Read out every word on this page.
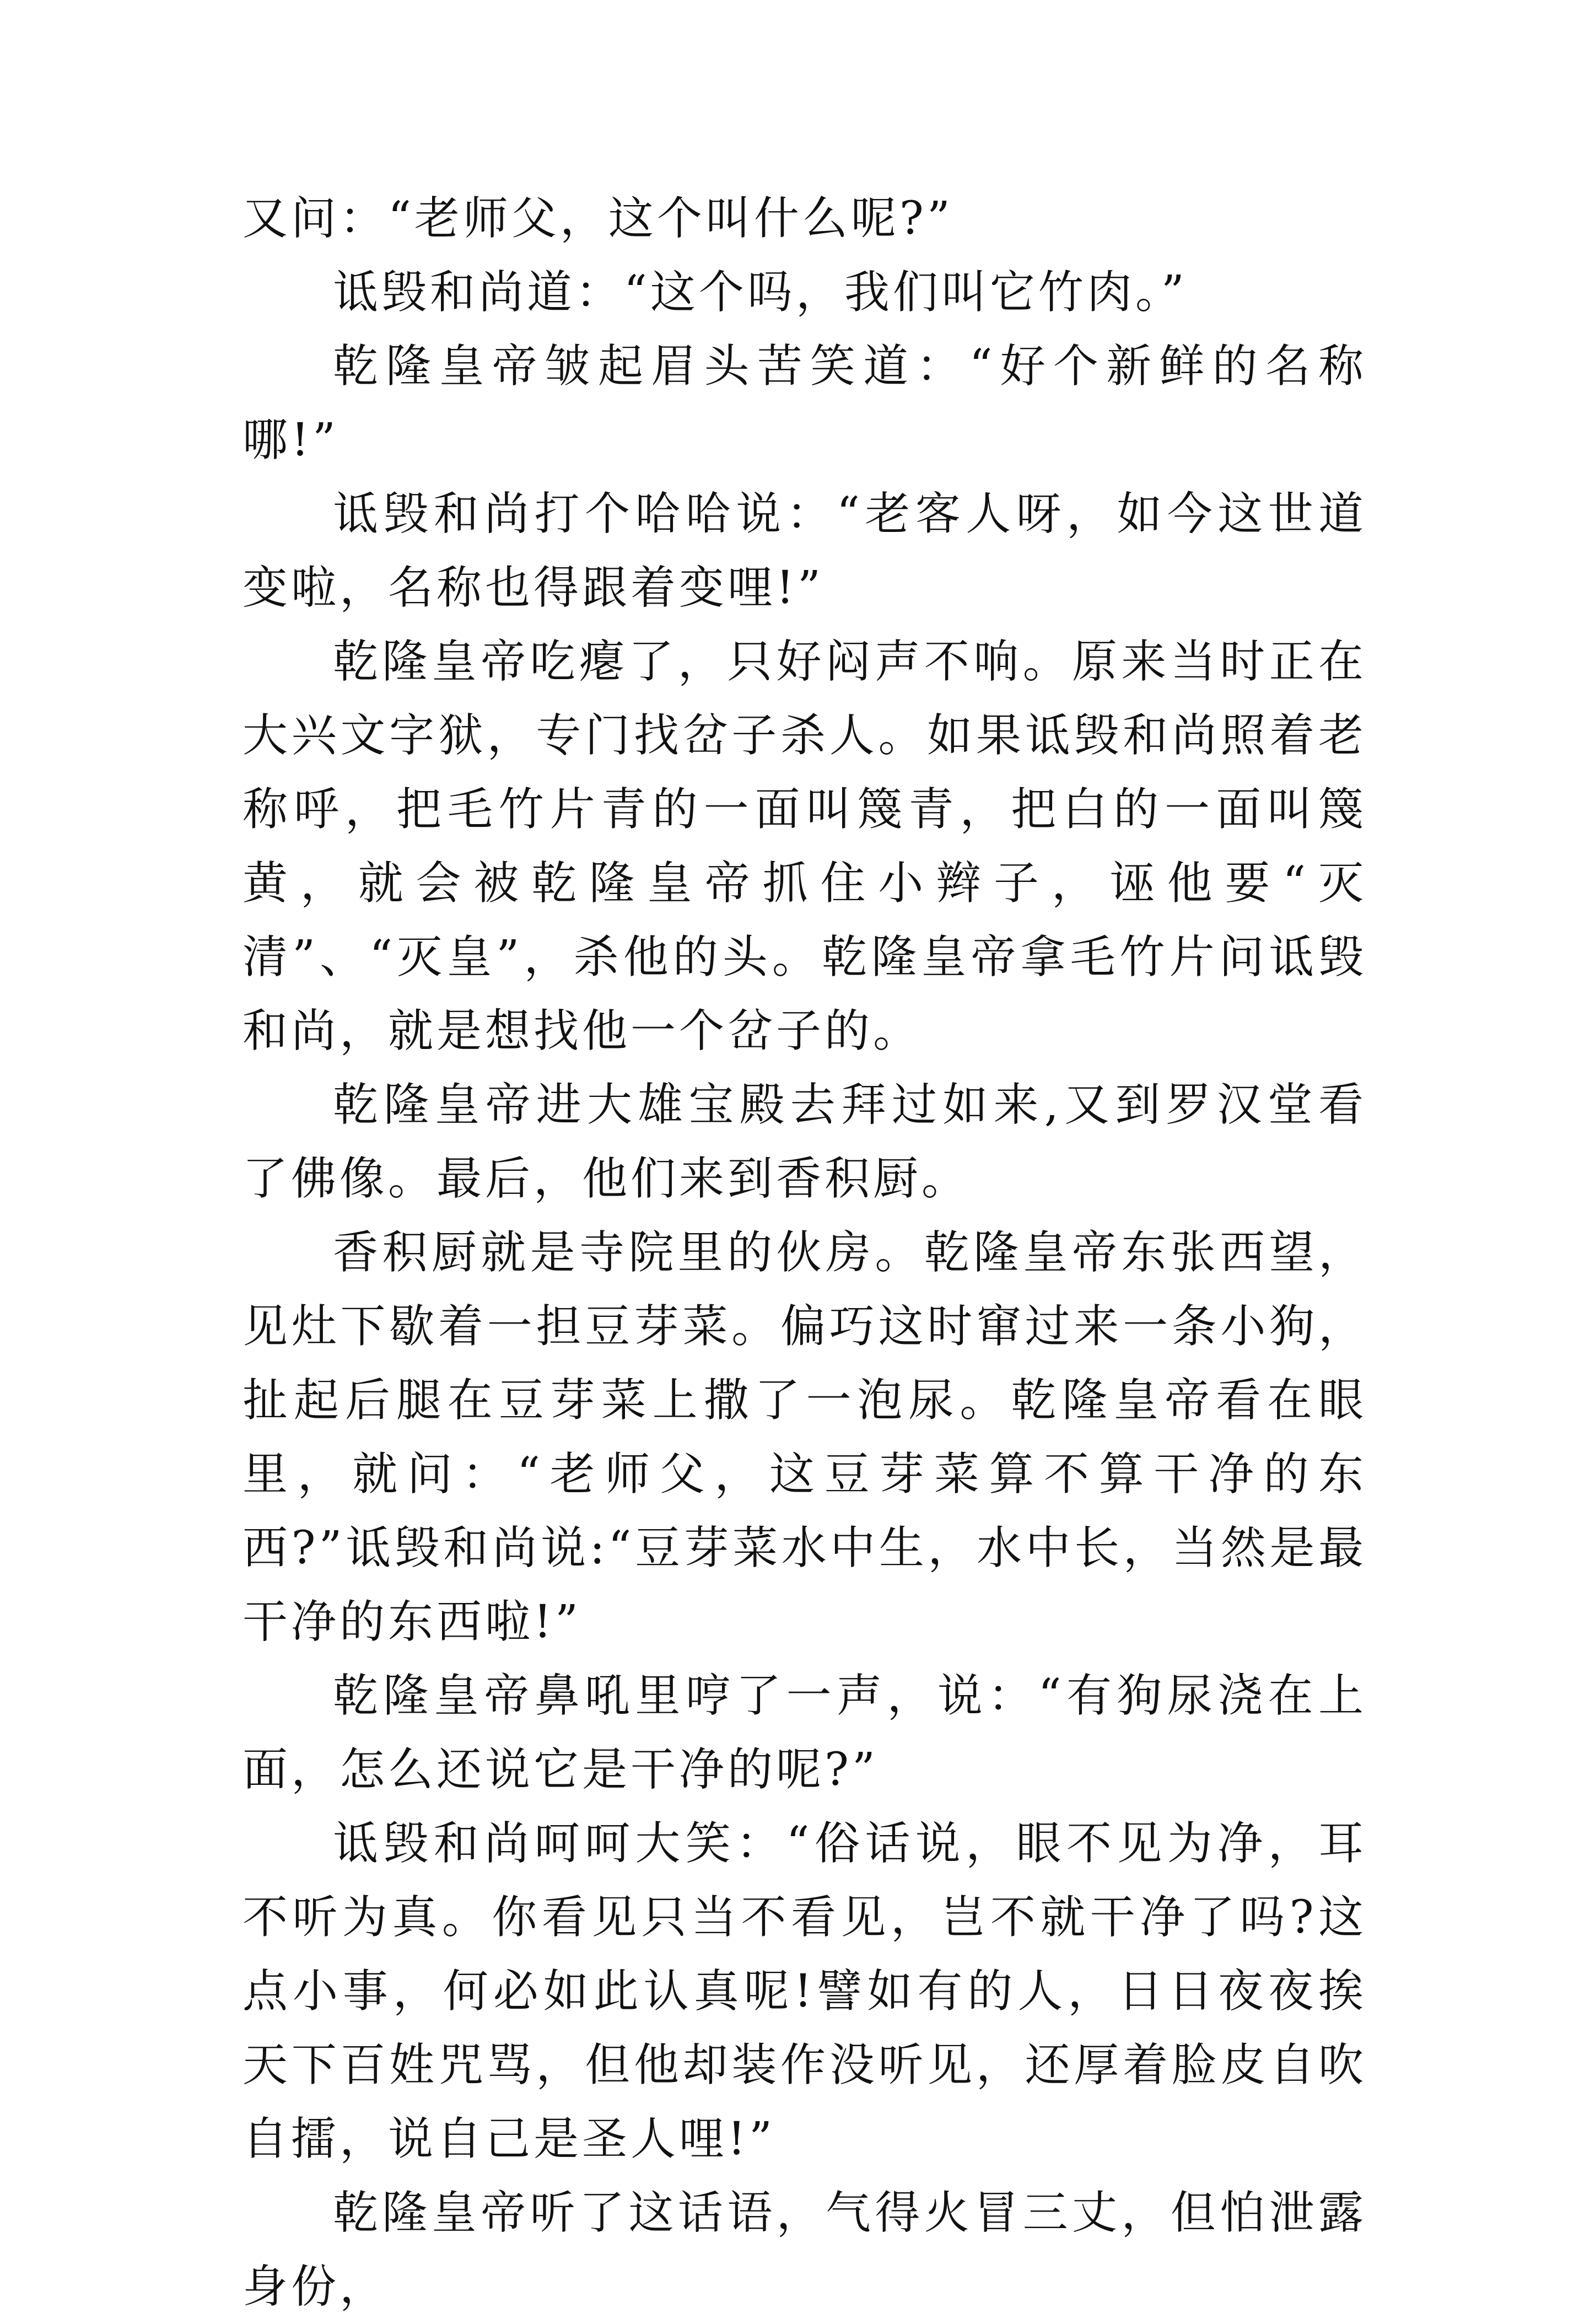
又问：“老师父，这个叫什么呢?”

诋毁和尚道：“这个吗，我们叫它竹肉。”

乾隆皇帝皱起眉头苦笑道：“好个新鲜的名称哪!”

诋毁和尚打个哈哈说：“老客人呀，如今这世道变啦，名称也得跟着变哩!”

乾隆皇帝吃瘪了，只好闷声不响。原来当时正在大兴文字狱，专门找岔子杀人。如果诋毁和尚照着老称呼，把毛竹片青的一面叫篾青，把白的一面叫篾黄，就会被乾隆皇帝抓住小辫子，诬他要“灭清”、“灭皇”，杀他的头。乾隆皇帝拿毛竹片问诋毁和尚，就是想找他一个岔子的。

乾隆皇帝进大雄宝殿去拜过如来,又到罗汉堂看了佛像。最后，他们来到香积厨。

香积厨就是寺院里的伙房。乾隆皇帝东张西望，见灶下歇着一担豆芽菜。偏巧这时窜过来一条小狗，扯起后腿在豆芽菜上撒了一泡尿。乾隆皇帝看在眼里，就问：“老师父，这豆芽菜算不算干净的东西?”诋毁和尚说:“豆芽菜水中生，水中长，当然是最干净的东西啦!”

乾隆皇帝鼻吼里哼了一声，说：“有狗尿浇在上面，怎么还说它是干净的呢?”

诋毁和尚呵呵大笑：“俗话说，眼不见为净，耳不听为真。你看见只当不看见，岂不就干净了吗?这点小事，何必如此认真呢!譬如有的人，日日夜夜挨天下百姓咒骂，但他却装作没听见，还厚着脸皮自吹自擂，说自己是圣人哩!”

乾隆皇帝听了这话语，气得火冒三丈，但怕泄露身份，
